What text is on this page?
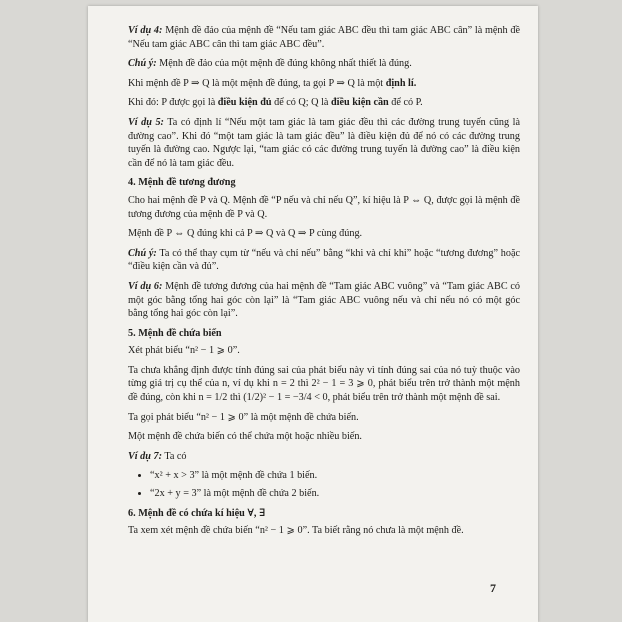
Ví dụ 4: Mệnh đề đảo của mệnh đề “Nếu tam giác ABC đều thì tam giác ABC cân” là mệnh đề “Nếu tam giác ABC cân thì tam giác ABC đều”.

Chú ý: Mệnh đề đảo của một mệnh đề đúng không nhất thiết là đúng.

Khi mệnh đề P ⇒ Q là một mệnh đề đúng, ta gọi P ⇒ Q là một định lí.

Khi đó: P được gọi là điều kiện đủ để có Q; Q là điều kiện cần để có P.

Ví dụ 5: Ta có định lí “Nếu một tam giác là tam giác đều thì các đường trung tuyến cũng là đường cao”. Khi đó “một tam giác là tam giác đều” là điều kiện đủ để nó có các đường trung tuyến là đường cao. Ngược lại, “tam giác có các đường trung tuyến là đường cao” là điều kiện cần để nó là tam giác đều.

4. Mệnh đề tương đương

Cho hai mệnh đề P và Q. Mệnh đề “P nếu và chỉ nếu Q”, kí hiệu là P ⇔ Q, được gọi là mệnh đề tương đương của mệnh đề P và Q.

Mệnh đề P ⇔ Q đúng khi cả P ⇒ Q và Q ⇒ P cùng đúng.

Chú ý: Ta có thể thay cụm từ “nếu và chỉ nếu” bằng “khi và chỉ khi” hoặc “tương đương” hoặc “điều kiện cần và đủ”.

Ví dụ 6: Mệnh đề tương đương của hai mệnh đề “Tam giác ABC vuông” và “Tam giác ABC có một góc bằng tổng hai góc còn lại” là “Tam giác ABC vuông nếu và chỉ nếu nó có một góc bằng tổng hai góc còn lại”.

5. Mệnh đề chứa biến

Xét phát biểu “n² − 1 ⩾ 0”.

Ta chưa khẳng định được tính đúng sai của phát biểu này vì tính đúng sai của nó tuỳ thuộc vào từng giá trị cụ thể của n, ví dụ khi n = 2 thì 2² − 1 = 3 ⩾ 0, phát biểu trên trở thành một mệnh đề đúng, còn khi n = 1/2 thì (1/2)² − 1 = −3/4 < 0, phát biểu trên trở thành một mệnh đề sai.

Ta gọi phát biểu “n² − 1 ⩾ 0” là một mệnh đề chứa biến.

Một mệnh đề chứa biến có thể chứa một hoặc nhiều biến.

Ví dụ 7: Ta có

• “x² + x > 3” là một mệnh đề chứa 1 biến.
• “2x + y = 3” là một mệnh đề chứa 2 biến.
6. Mệnh đề có chứa kí hiệu ∀, ∃

Ta xem xét mệnh đề chứa biến “n² − 1 ⩾ 0”. Ta biết rằng nó chưa là một mệnh đề.

7
